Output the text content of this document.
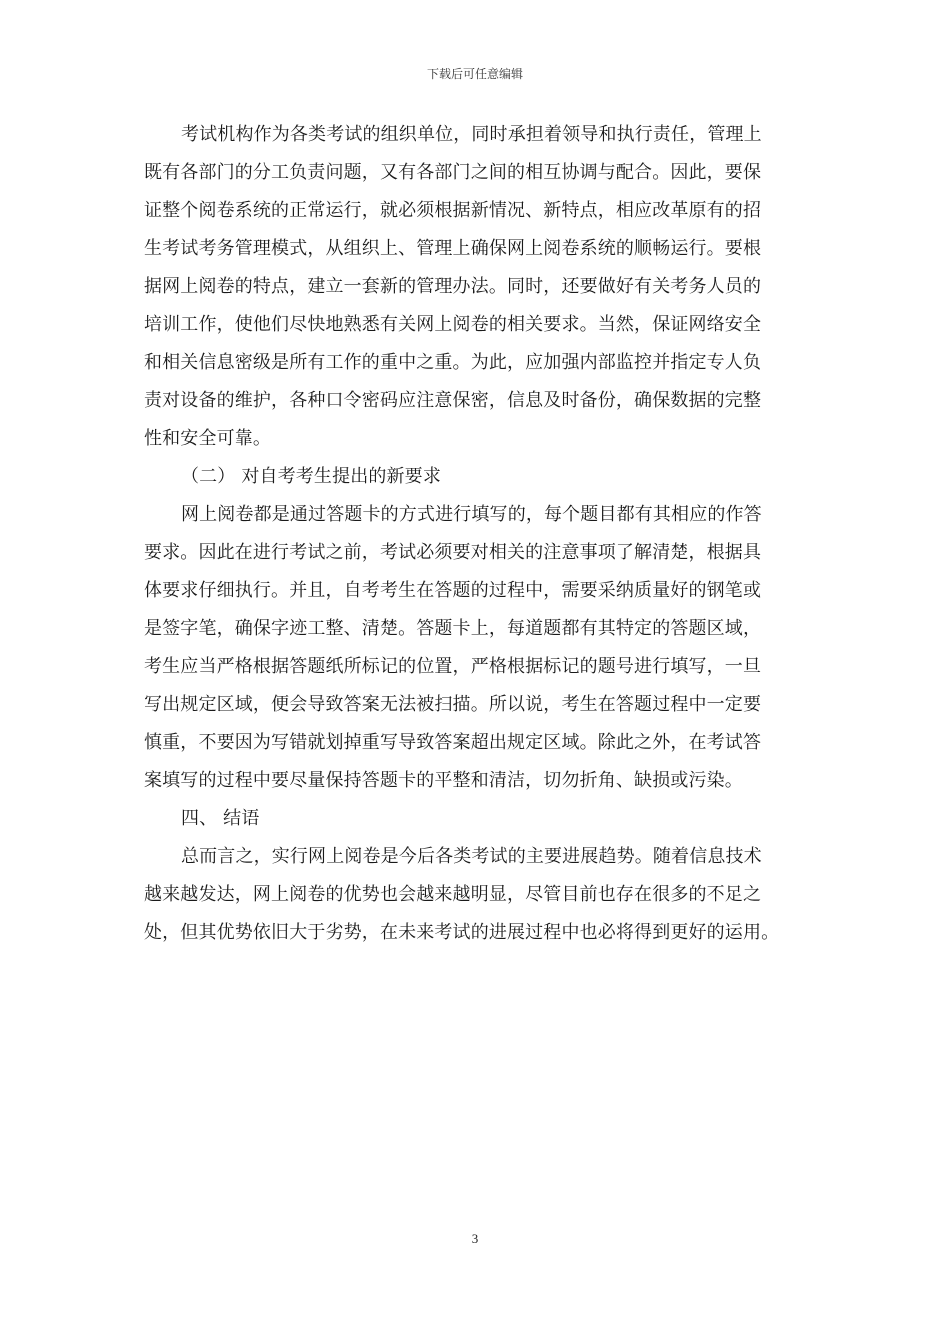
下载后可任意编辑
考试机构作为各类考试的组织单位，同时承担着领导和执行责任，管理上
既有各部门的分工负责问题，又有各部门之间的相互协调与配合。因此，要保
证整个阅卷系统的正常运行，就必须根据新情况、新特点，相应改革原有的招
生考试考务管理模式，从组织上、管理上确保网上阅卷系统的顺畅运行。要根
据网上阅卷的特点，建立一套新的管理办法。同时，还要做好有关考务人员的
培训工作，使他们尽快地熟悉有关网上阅卷的相关要求。当然，保证网络安全
和相关信息密级是所有工作的重中之重。为此，应加强内部监控并指定专人负
责对设备的维护，各种口令密码应注意保密，信息及时备份，确保数据的完整
性和安全可靠。
（二） 对自考考生提出的新要求
网上阅卷都是通过答题卡的方式进行填写的，每个题目都有其相应的作答
要求。因此在进行考试之前，考试必须要对相关的注意事项了解清楚，根据具
体要求仔细执行。并且，自考考生在答题的过程中，需要采纳质量好的钢笔或
是签字笔，确保字迹工整、清楚。答题卡上，每道题都有其特定的答题区域，
考生应当严格根据答题纸所标记的位置，严格根据标记的题号进行填写，一旦
写出规定区域，便会导致答案无法被扫描。所以说，考生在答题过程中一定要
慎重，不要因为写错就划掉重写导致答案超出规定区域。除此之外，在考试答
案填写的过程中要尽量保持答题卡的平整和清洁，切勿折角、缺损或污染。
四、 结语
总而言之，实行网上阅卷是今后各类考试的主要进展趋势。随着信息技术
越来越发达，网上阅卷的优势也会越来越明显，尽管目前也存在很多的不足之
处，但其优势依旧大于劣势，在未来考试的进展过程中也必将得到更好的运用。
3
